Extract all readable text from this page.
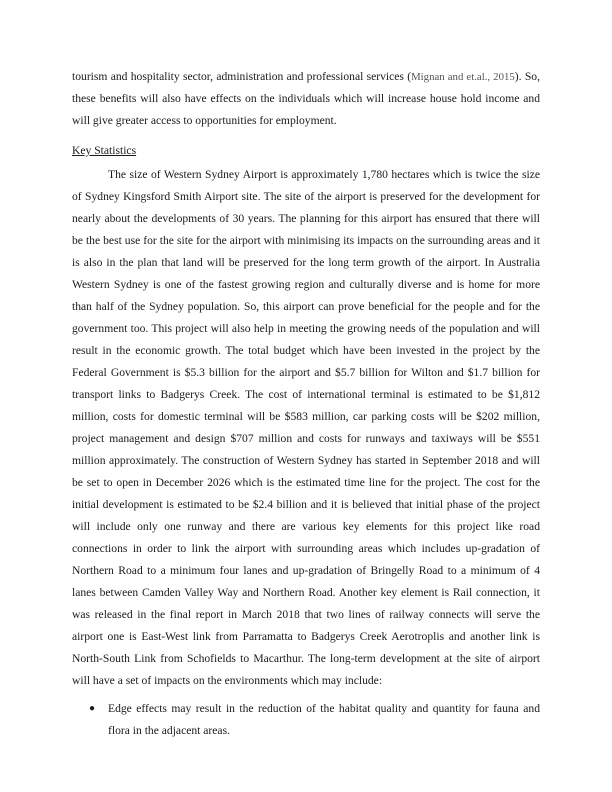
tourism and hospitality sector, administration and professional services (Mignan and et.al., 2015). So, these benefits will also have effects on the individuals which will increase house hold income and will give greater access to opportunities for employment.

Key Statistics

The size of Western Sydney Airport is approximately 1,780 hectares which is twice the size of Sydney Kingsford Smith Airport site. The site of the airport is preserved for the development for nearly about the developments of 30 years. The planning for this airport has ensured that there will be the best use for the site for the airport with minimising its impacts on the surrounding areas and it is also in the plan that land will be preserved for the long term growth of the airport. In Australia Western Sydney is one of the fastest growing region and culturally diverse and is home for more than half of the Sydney population. So, this airport can prove beneficial for the people and for the government too. This project will also help in meeting the growing needs of the population and will result in the economic growth. The total budget which have been invested in the project by the Federal Government is $5.3 billion for the airport and $5.7 billion for Wilton and $1.7 billion for transport links to Badgerys Creek. The cost of international terminal is estimated to be $1,812 million, costs for domestic terminal will be $583 million, car parking costs will be $202 million, project management and design $707 million and costs for runways and taxiways will be $551 million approximately. The construction of Western Sydney has started in September 2018 and will be set to open in December 2026 which is the estimated time line for the project. The cost for the initial development is estimated to be $2.4 billion and it is believed that initial phase of the project will include only one runway and there are various key elements for this project like road connections in order to link the airport with surrounding areas which includes up-gradation of Northern Road to a minimum four lanes and up-gradation of Bringelly Road to a minimum of 4 lanes between Camden Valley Way and Northern Road. Another key element is Rail connection, it was released in the final report in March 2018 that two lines of railway connects will serve the airport one is East-West link from Parramatta to Badgerys Creek Aerotroplis and another link is North-South Link from Schofields to Macarthur. The long-term development at the site of airport will have a set of impacts on the environments which may include:

● Edge effects may result in the reduction of the habitat quality and quantity for fauna and flora in the adjacent areas.
